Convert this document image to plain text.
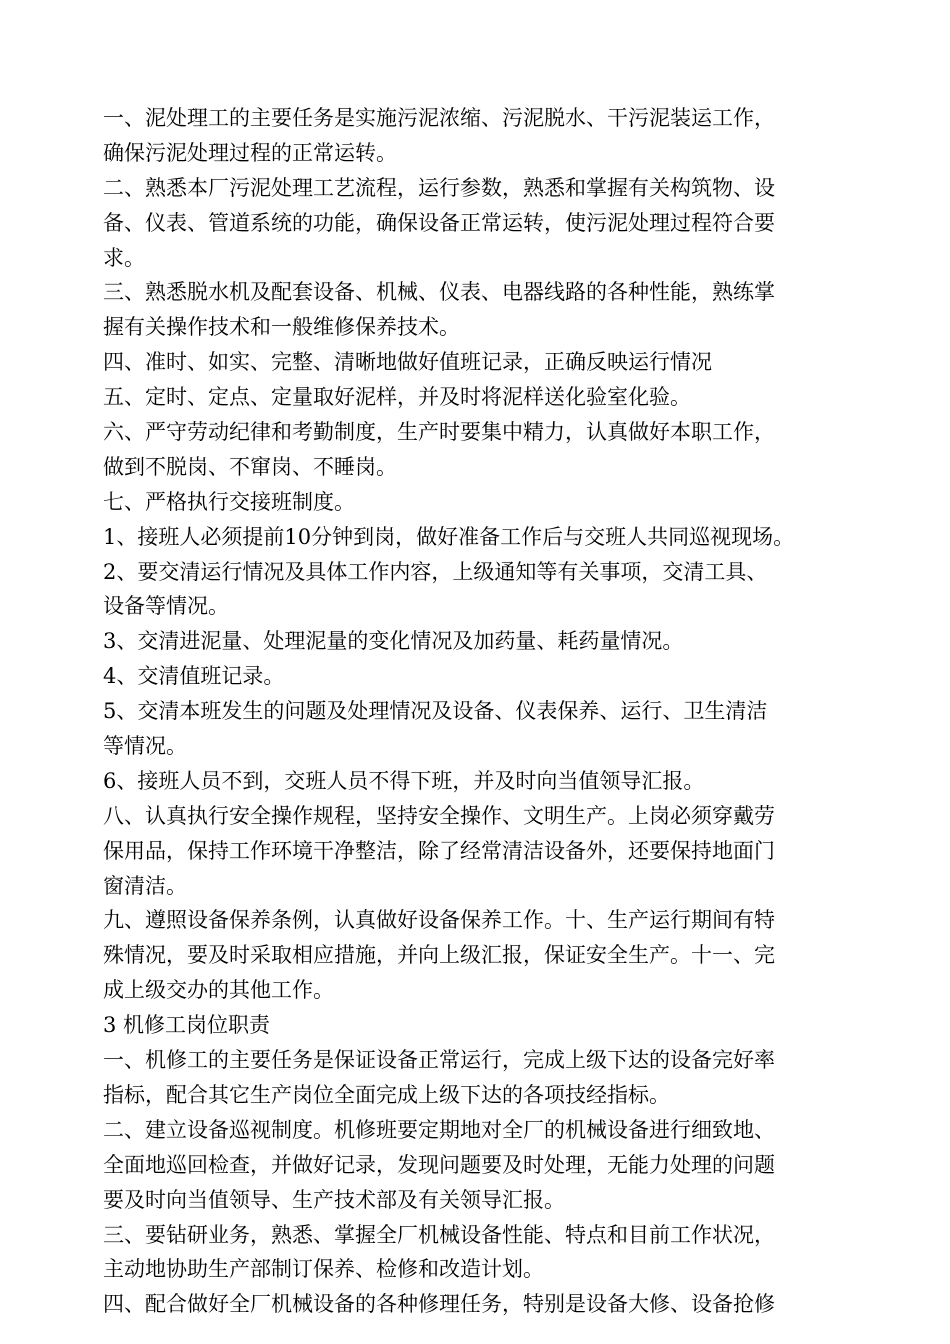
一、泥处理工的主要任务是实施污泥浓缩、污泥脱水、干污泥装运工作，
确保污泥处理过程的正常运转。
二、熟悉本厂污泥处理工艺流程，运行参数，熟悉和掌握有关构筑物、设
备、仪表、管道系统的功能，确保设备正常运转，使污泥处理过程符合要
求。
三、熟悉脱水机及配套设备、机械、仪表、电器线路的各种性能，熟练掌
握有关操作技术和一般维修保养技术。
四、准时、如实、完整、清晰地做好值班记录，正确反映运行情况
五、定时、定点、定量取好泥样，并及时将泥样送化验室化验。
六、严守劳动纪律和考勤制度，生产时要集中精力，认真做好本职工作，
做到不脱岗、不窜岗、不睡岗。
七、严格执行交接班制度。
1、接班人必须提前10分钟到岗，做好准备工作后与交班人共同巡视现场。
2、要交清运行情况及具体工作内容，上级通知等有关事项，交清工具、
设备等情况。
3、交清进泥量、处理泥量的变化情况及加药量、耗药量情况。
4、交清值班记录。
5、交清本班发生的问题及处理情况及设备、仪表保养、运行、卫生清洁
等情况。
6、接班人员不到，交班人员不得下班，并及时向当值领导汇报。
八、认真执行安全操作规程，坚持安全操作、文明生产。上岗必须穿戴劳
保用品，保持工作环境干净整洁，除了经常清洁设备外，还要保持地面门
窗清洁。
九、遵照设备保养条例，认真做好设备保养工作。十、生产运行期间有特
殊情况，要及时采取相应措施，并向上级汇报，保证安全生产。十一、完
成上级交办的其他工作。
3 机修工岗位职责
一、机修工的主要任务是保证设备正常运行，完成上级下达的设备完好率
指标，配合其它生产岗位全面完成上级下达的各项技经指标。
二、建立设备巡视制度。机修班要定期地对全厂的机械设备进行细致地、
全面地巡回检查，并做好记录，发现问题要及时处理，无能力处理的问题
要及时向当值领导、生产技术部及有关领导汇报。
三、要钻研业务，熟悉、掌握全厂机械设备性能、特点和目前工作状况，
主动地协助生产部制订保养、检修和改造计划。
四、配合做好全厂机械设备的各种修理任务，特别是设备大修、设备抢修
